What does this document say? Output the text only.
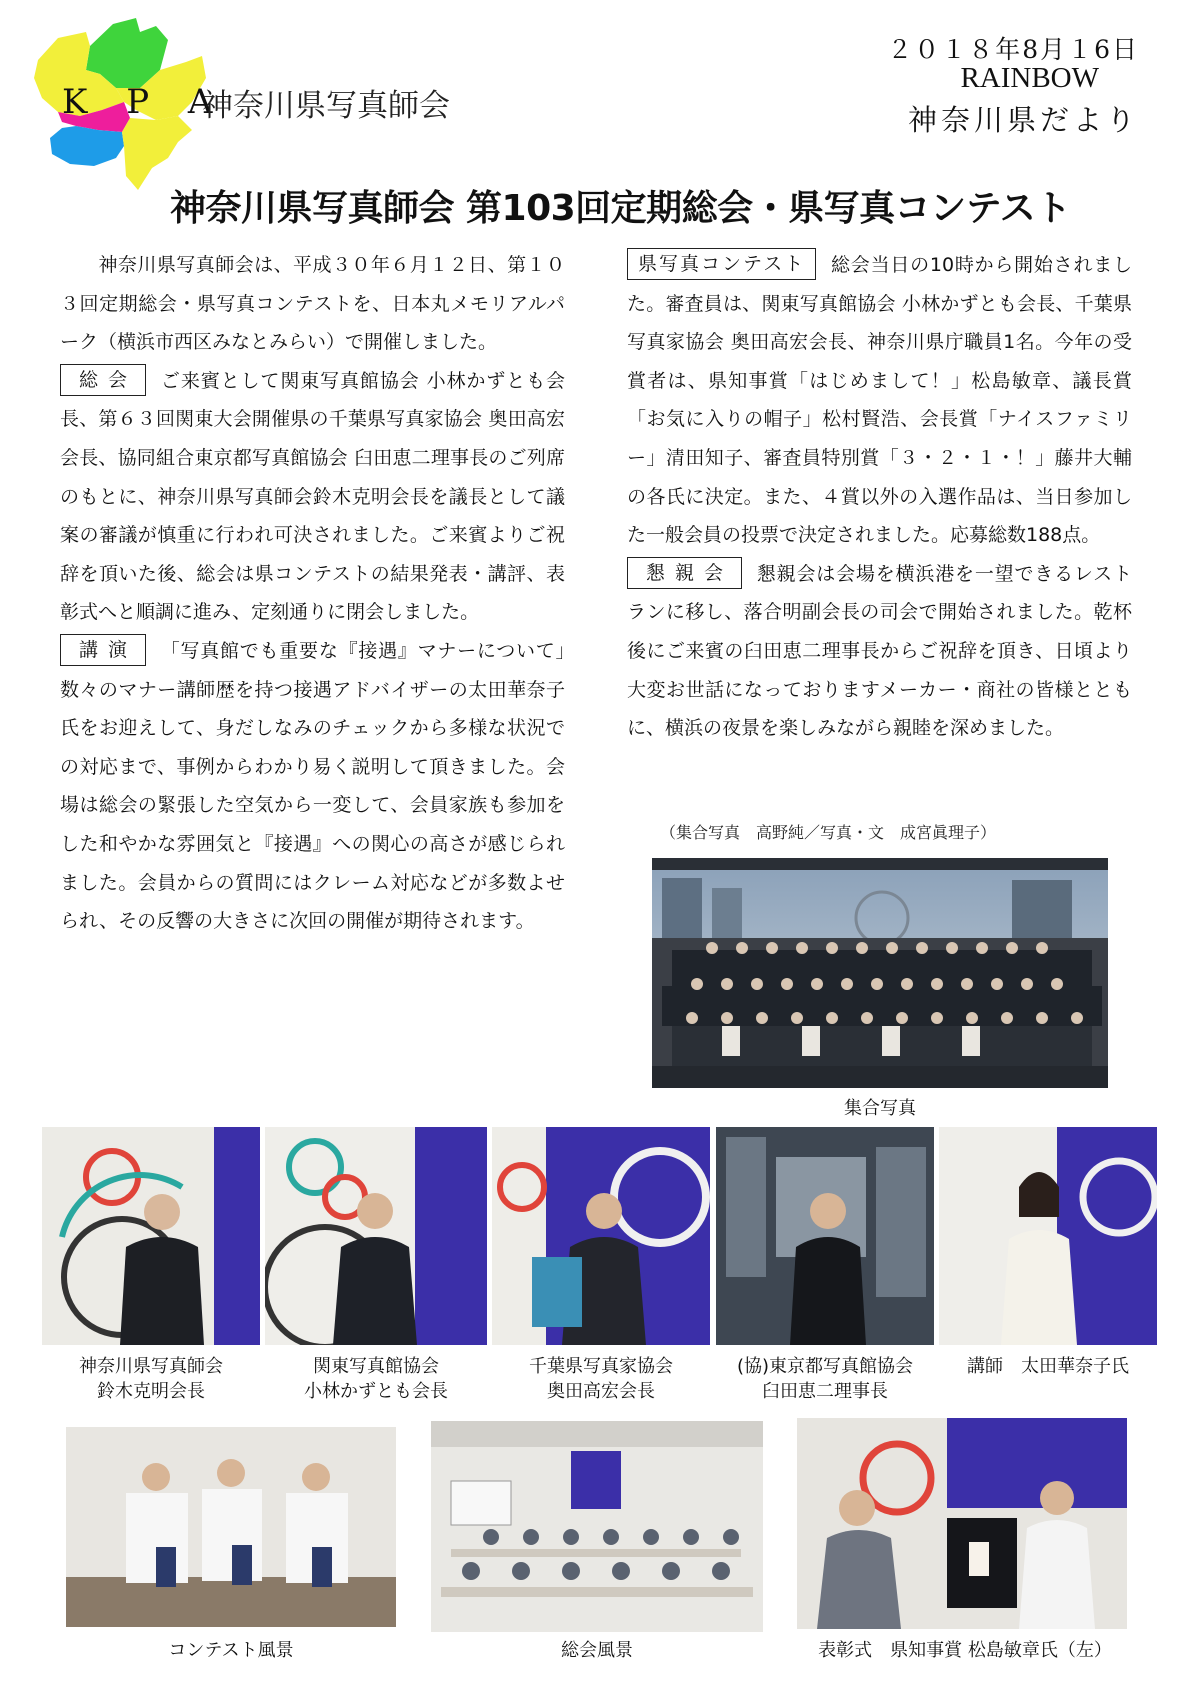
K P A
神奈川県写真師会
２０１８年8月１6日
RAINBOW
神奈川県だより
神奈川県写真師会 第103回定期総会・県写真コンテスト

神奈川県写真師会は、平成３０年６月１２日、第１０３回定期総会・県写真コンテストを、日本丸メモリアルパーク（横浜市西区みなとみらい）で開催しました。

総会 ご来賓として関東写真館協会 小林かずとも会長、第６３回関東大会開催県の千葉県写真家協会 奥田高宏会長、協同組合東京都写真館協会 臼田恵二理事長のご列席のもとに、神奈川県写真師会鈴木克明会長を議長として議案の審議が慎重に行われ可決されました。ご来賓よりご祝辞を頂いた後、総会は県コンテストの結果発表・講評、表彰式へと順調に進み、定刻通りに閉会しました。

講演 「写真館でも重要な『接遇』マナーについて」　数々のマナー講師歴を持つ接遇アドバイザーの太田華奈子氏をお迎えして、身だしなみのチェックから多様な状況での対応まで、事例からわかり易く説明して頂きました。会場は総会の緊張した空気から一変して、会員家族も参加をした和やかな雰囲気と『接遇』への関心の高さが感じられました。会員からの質問にはクレーム対応などが多数よせられ、その反響の大きさに次回の開催が期待されます。

県写真コンテスト 総会当日の10時から開始されました。審査員は、関東写真館協会 小林かずとも会長、千葉県写真家協会 奥田高宏会長、神奈川県庁職員1名。今年の受賞者は、県知事賞「はじめまして！」松島敏章、議長賞「お気に入りの帽子」松村賢浩、会長賞「ナイスファミリー」清田知子、審査員特別賞「３・２・１・！」藤井大輔の各氏に決定。また、４賞以外の入選作品は、当日参加した一般会員の投票で決定されました。応募総数188点。

懇親会 懇親会は会場を横浜港を一望できるレストランに移し、落合明副会長の司会で開始されました。乾杯後にご来賓の臼田恵二理事長からご祝辞を頂き、日頃より大変お世話になっておりますメーカー・商社の皆様とともに、横浜の夜景を楽しみながら親睦を深めました。

（集合写真　高野純／写真・文　成宮眞理子）
集合写真
神奈川県写真師会
鈴木克明会長
関東写真館協会
小林かずとも会長
千葉県写真家協会
奥田高宏会長
(協)東京都写真館協会
臼田恵二理事長
講師　太田華奈子氏
コンテスト風景	総会風景	表彰式　県知事賞 松島敏章氏（左）
